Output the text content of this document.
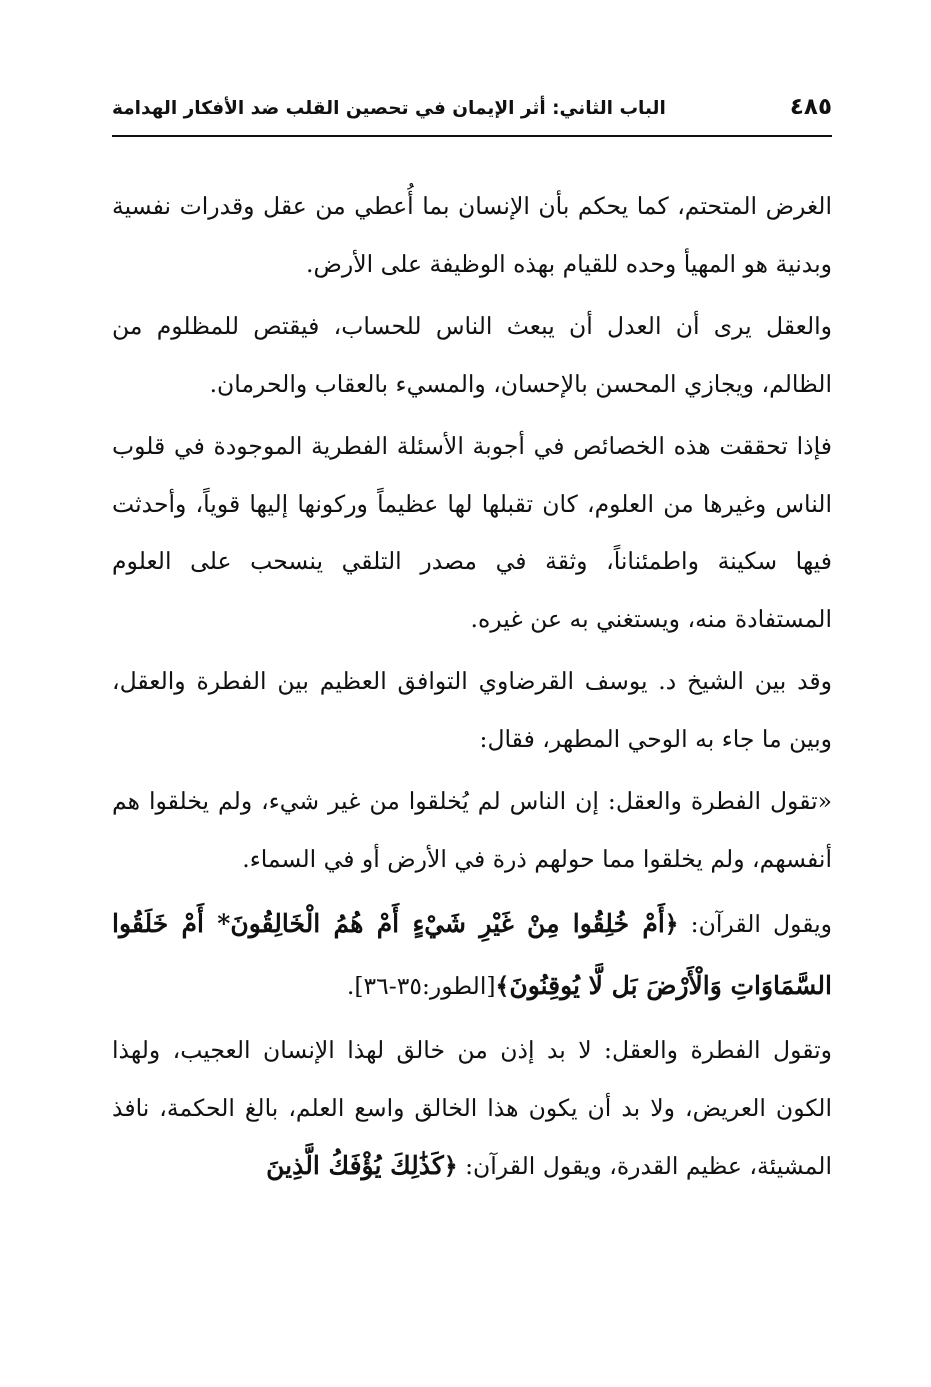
٤٨٥
الباب الثاني: أثر الإيمان في تحصين القلب ضد الأفكار الهدامة

الغرض المتحتم، كما يحكم بأن الإنسان بما أُعطي من عقل وقدرات نفسية وبدنية هو المهيأ وحده للقيام بهذه الوظيفة على الأرض.

والعقل يرى أن العدل أن يبعث الناس للحساب، فيقتص للمظلوم من الظالم، ويجازي المحسن بالإحسان، والمسيء بالعقاب والحرمان.

فإذا تحققت هذه الخصائص في أجوبة الأسئلة الفطرية الموجودة في قلوب الناس وغيرها من العلوم، كان تقبلها لها عظيماً وركونها إليها قوياً، وأحدثت فيها سكينة واطمئناناً، وثقة في مصدر التلقي ينسحب على العلوم المستفادة منه، ويستغني به عن غيره.

وقد بين الشيخ د. يوسف القرضاوي التوافق العظيم بين الفطرة والعقل، وبين ما جاء به الوحي المطهر، فقال:

«تقول الفطرة والعقل: إن الناس لم يُخلقوا من غير شيء، ولم يخلقوا هم أنفسهم، ولم يخلقوا مما حولهم ذرة في الأرض أو في السماء.

ويقول القرآن: ﴿أَمْ خُلِقُوا مِنْ غَيْرِ شَيْءٍ أَمْ هُمُ الْخَالِقُونَ* أَمْ خَلَقُوا السَّمَاوَاتِ وَالْأَرْضَ بَل لَّا يُوقِنُونَ﴾[الطور:٣٥-٣٦].

وتقول الفطرة والعقل: لا بد إذن من خالق لهذا الإنسان العجيب، ولهذا الكون العريض، ولا بد أن يكون هذا الخالق واسع العلم، بالغ الحكمة، نافذ المشيئة، عظيم القدرة، ويقول القرآن: ﴿كَذَٰلِكَ يُؤْفَكُ الَّذِينَ
